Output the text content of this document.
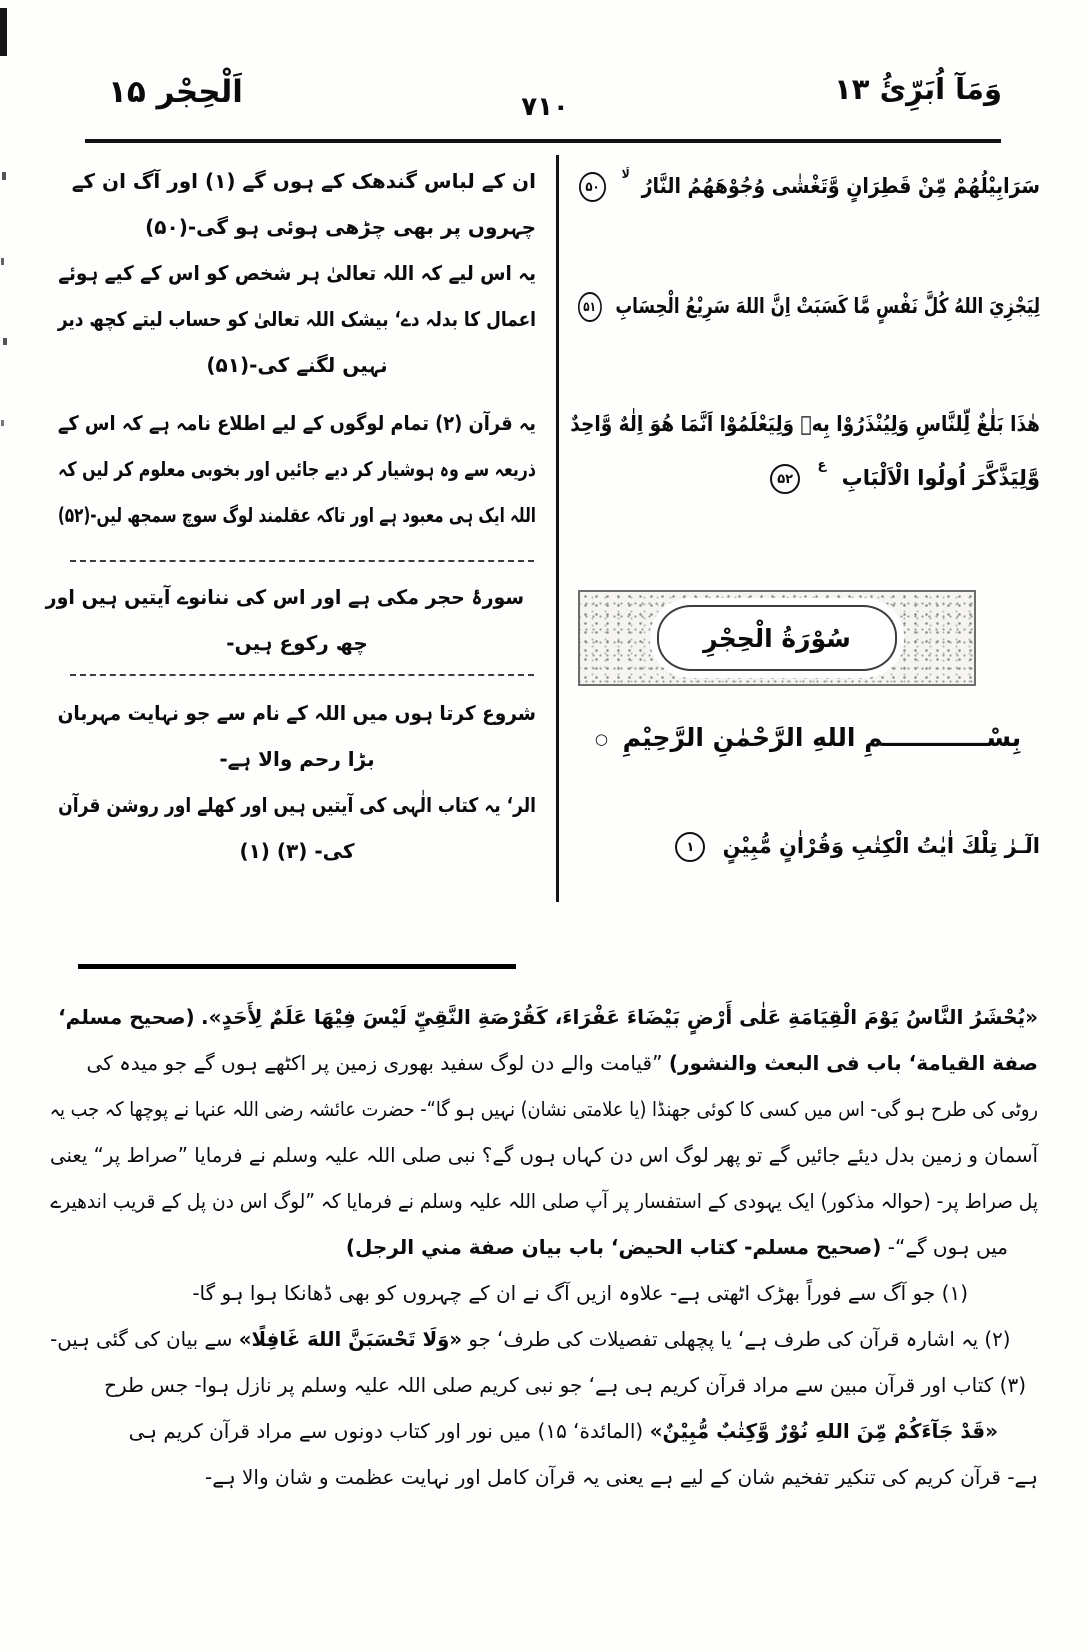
اَلْحِجْر ۱۵	۷۱۰
وَمَآ اُبَرِّئُ ۱۳
سَرَابِيْلُهُمْ مِّنْ قَطِرَانٍ وَّتَغْشٰى وُجُوْهَهُمُ النَّارُ $^{لَا}$
۵۰
لِيَجْزِيَ اللهُ كُلَّ نَفْسٍ مَّا كَسَبَتْ اِنَّ اللهَ سَرِيْعُ الْحِسَابِ
۵۱
هٰذَا بَلٰغٌ لِّلنَّاسِ وَلِيُنْذَرُوْا بِهٖ وَلِيَعْلَمُوْا اَنَّمَا هُوَ اِلٰهٌ وَّاحِدٌ
وَّلِيَذَّكَّرَ اُولُوا الْاَلْبَابِ $^ع$
۵۲
سُوْرَةُ الْحِجْرِ
بِسْــــــــــــمِ اللهِ الرَّحْمٰنِ الرَّحِيْمِ ○
الٓـرٰ تِلْكَ اٰيٰتُ الْكِتٰبِ وَقُرْاٰنٍ مُّبِيْنٍ
۱
ان کے لباس گندھک کے ہوں گے (۱) اور آگ ان کے
چہروں پر بھی چڑھی ہوئی ہو گی-(۵۰)
یہ اس لیے کہ اللہ تعالیٰ ہر شخص کو اس کے کیے ہوئے
اعمال کا بدلہ دے‘ بیشک اللہ تعالیٰ کو حساب لیتے کچھ دیر
نہیں لگنے کی-(۵۱)
یہ قرآن (۲) تمام لوگوں کے لیے اطلاع نامہ ہے کہ اس کے
ذریعہ سے وہ ہوشیار کر دیے جائیں اور بخوبی معلوم کر لیں کہ
اللہ ایک ہی معبود ہے اور تاکہ عقلمند لوگ سوچ سمجھ لیں-(۵۲)
سورۂ حجر مکی ہے اور اس کی ننانوے آیتیں ہیں اور
چھ رکوع ہیں-
شروع کرتا ہوں میں اللہ کے نام سے جو نہایت مہربان
بڑا رحم والا ہے-
الر‘ یہ کتاب الٰہی کی آیتیں ہیں اور کھلے اور روشن قرآن
کی- (۳) (۱)
«يُحْشَرُ النَّاسُ يَوْمَ الْقِيَامَةِ عَلٰى أَرْضٍ بَيْضَاءَ عَفْرَاءَ، كَقُرْصَةِ النَّقِيِّ لَيْسَ فِيْهَا عَلَمٌ لِأَحَدٍ». (صحيح مسلم‘
صفة القيامة‘ باب فى البعث والنشور) ”قیامت والے دن لوگ سفید بھوری زمین پر اکٹھے ہوں گے جو میدہ کی
روٹی کی طرح ہو گی- اس میں کسی کا کوئی جھنڈا (یا علامتی نشان) نہیں ہو گا“- حضرت عائشہ رضی اللہ عنہا نے پوچھا کہ جب یہ
آسمان و زمین بدل دیئے جائیں گے تو پھر لوگ اس دن کہاں ہوں گے؟ نبی صلی اللہ علیہ وسلم نے فرمایا ”صراط پر“ یعنی
پل صراط پر- (حوالہ مذکور) ایک یہودی کے استفسار پر آپ صلی اللہ علیہ وسلم نے فرمایا کہ ”لوگ اس دن پل کے قریب اندھیرے
میں ہوں گے“- (صحيح مسلم- كتاب الحيض‘ باب بيان صفة مني الرجل)
(۱) جو آگ سے فوراً بھڑک اٹھتی ہے- علاوہ ازیں آگ نے ان کے چہروں کو بھی ڈھانکا ہوا ہو گا-
(۲) یہ اشارہ قرآن کی طرف ہے‘ یا پچھلی تفصیلات کی طرف‘ جو «وَلَا تَحْسَبَنَّ اللهَ غَافِلًا» سے بیان کی گئی ہیں-
(۳) کتاب اور قرآن مبین سے مراد قرآن کریم ہی ہے‘ جو نبی کریم صلی اللہ علیہ وسلم پر نازل ہوا- جس طرح
«قَدْ جَآءَكُمْ مِّنَ اللهِ نُوْرٌ وَّكِتٰبٌ مُّبِيْنٌ» (المائدة‘ ۱۵) میں نور اور کتاب دونوں سے مراد قرآن کریم ہی
ہے- قرآن کریم کی تنکیر تفخیم شان کے لیے ہے یعنی یہ قرآن کامل اور نہایت عظمت و شان والا ہے-
